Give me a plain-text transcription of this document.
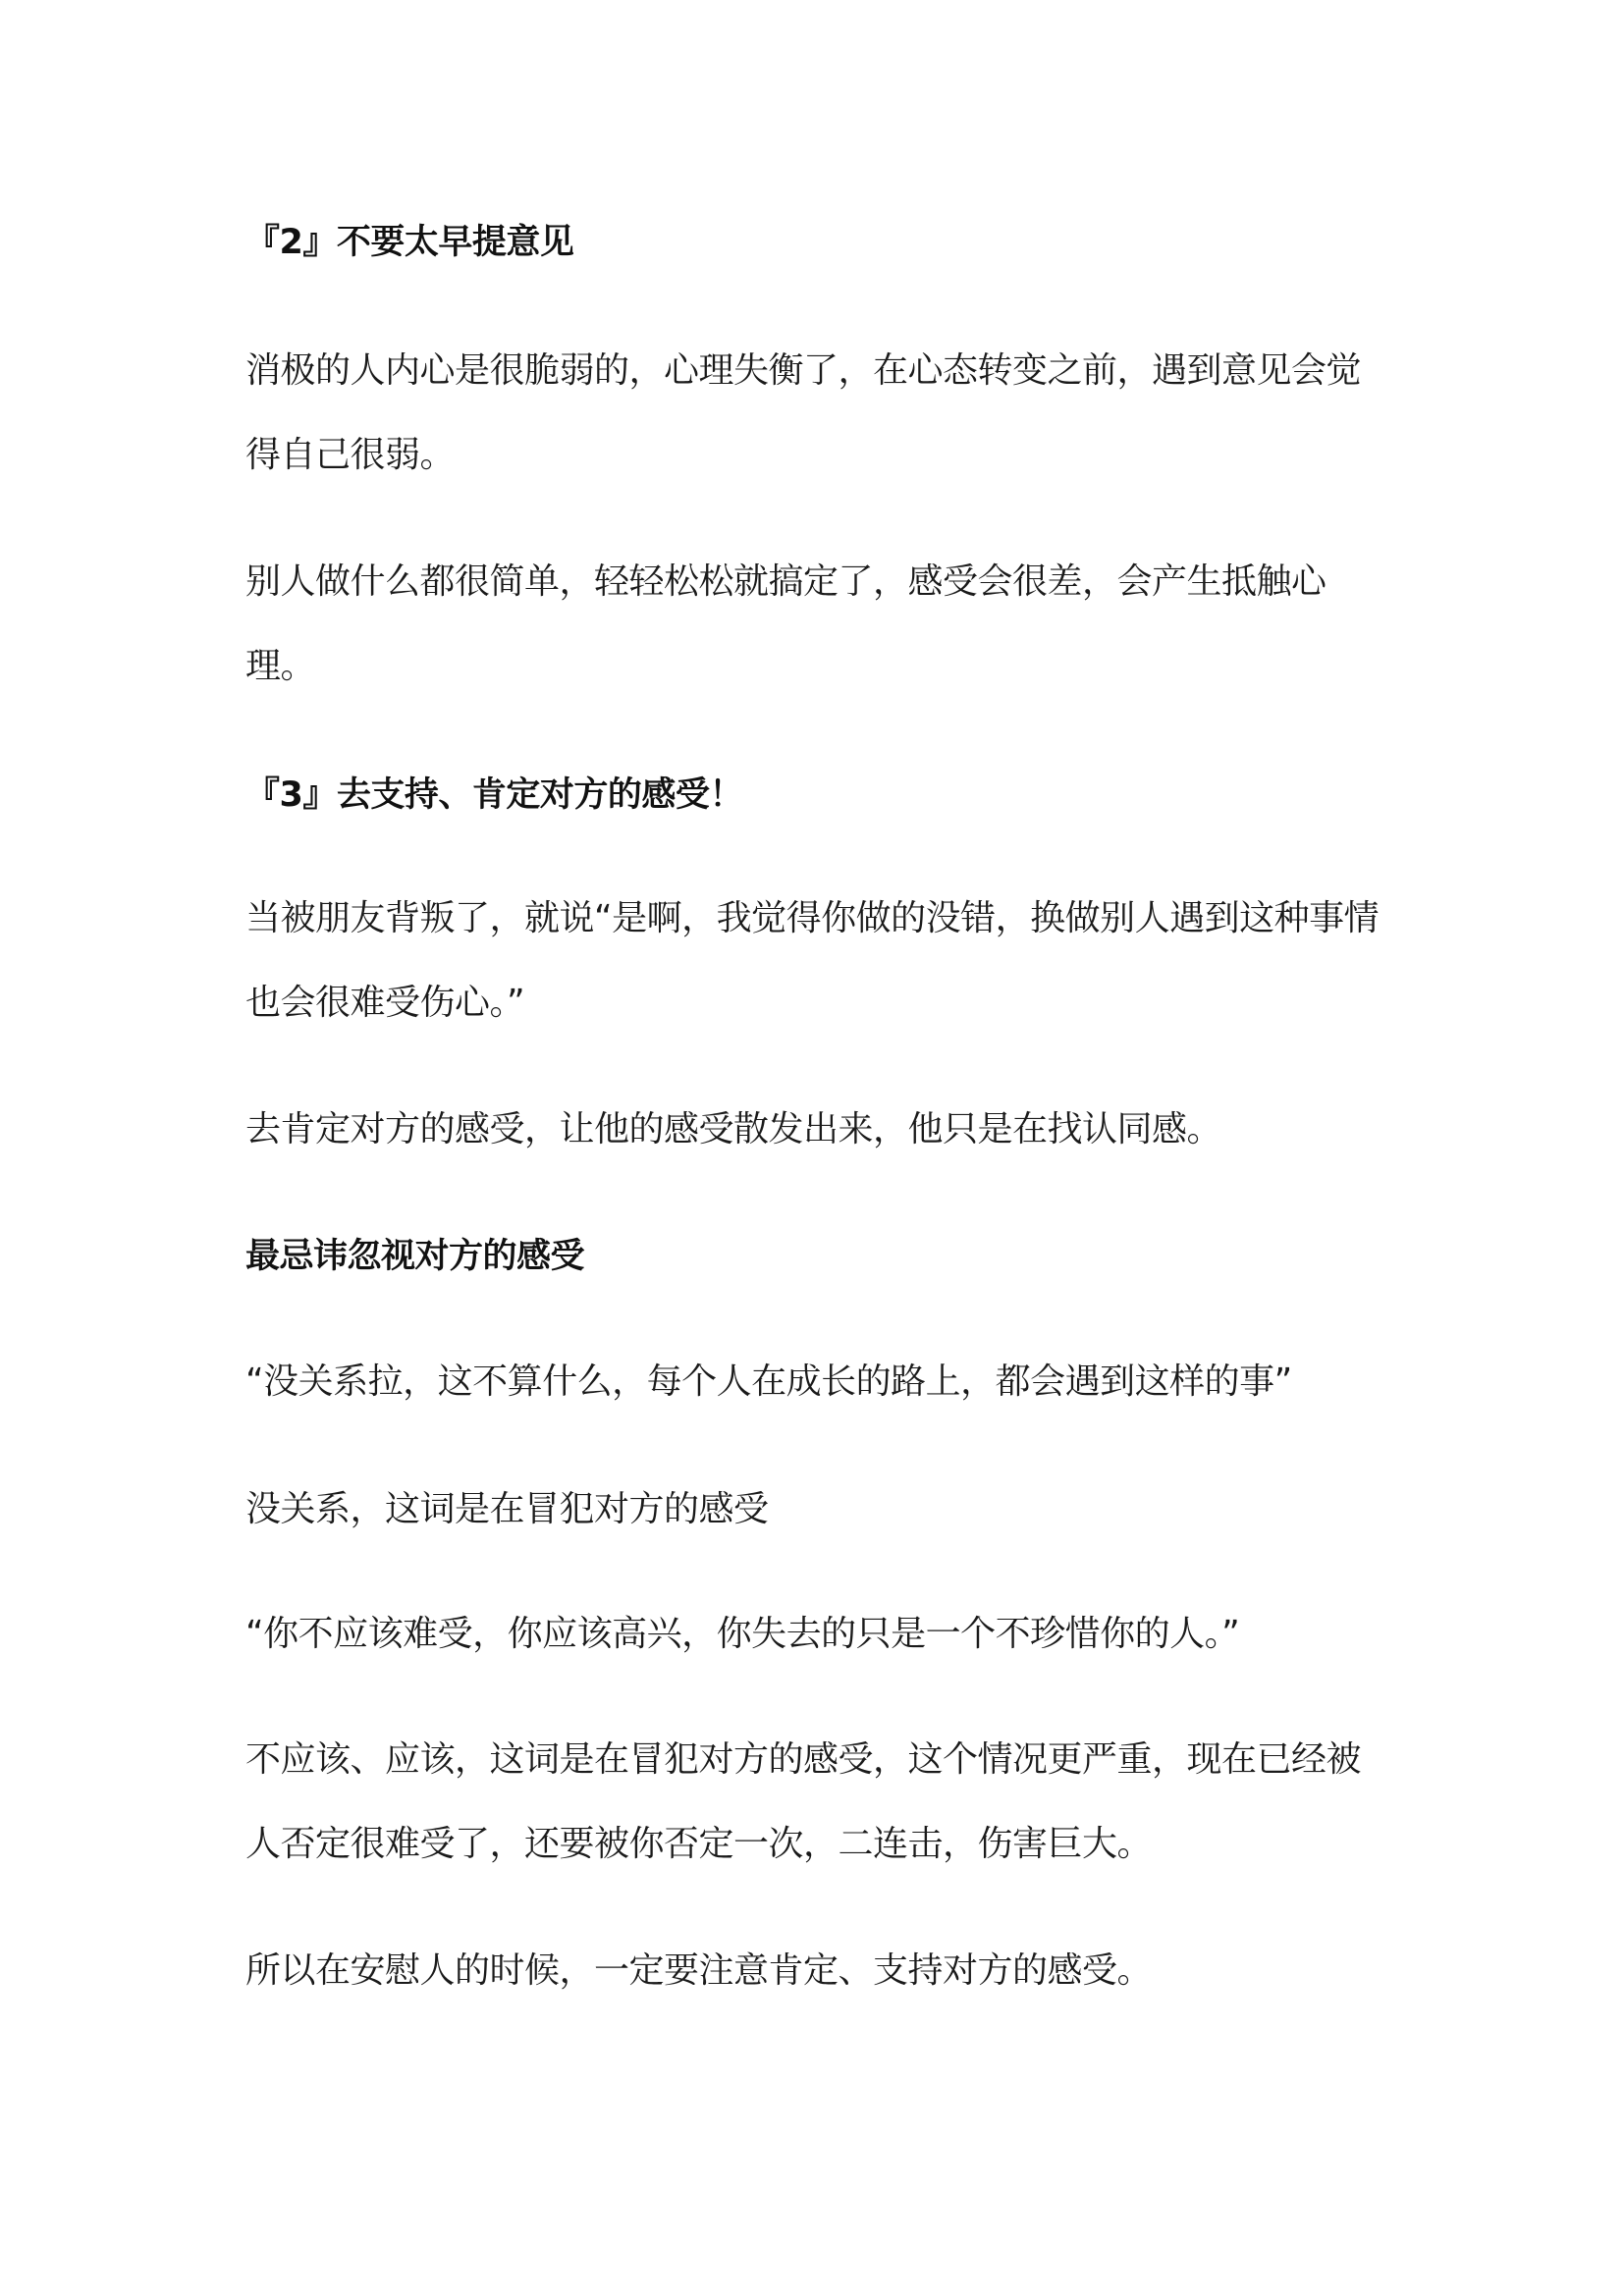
『2』不要太早提意见
消极的人内心是很脆弱的，心理失衡了，在心态转变之前，遇到意见会觉得自己很弱。
别人做什么都很简单，轻轻松松就搞定了，感受会很差，会产生抵触心理。
『3』去支持、肯定对方的感受！
当被朋友背叛了，就说“是啊，我觉得你做的没错，换做别人遇到这种事情也会很难受伤心。”
去肯定对方的感受，让他的感受散发出来，他只是在找认同感。
最忌讳忽视对方的感受
“没关系拉，这不算什么，每个人在成长的路上，都会遇到这样的事”
没关系，这词是在冒犯对方的感受
“你不应该难受，你应该高兴，你失去的只是一个不珍惜你的人。”
不应该、应该，这词是在冒犯对方的感受，这个情况更严重，现在已经被人否定很难受了，还要被你否定一次，二连击，伤害巨大。
所以在安慰人的时候，一定要注意肯定、支持对方的感受。
